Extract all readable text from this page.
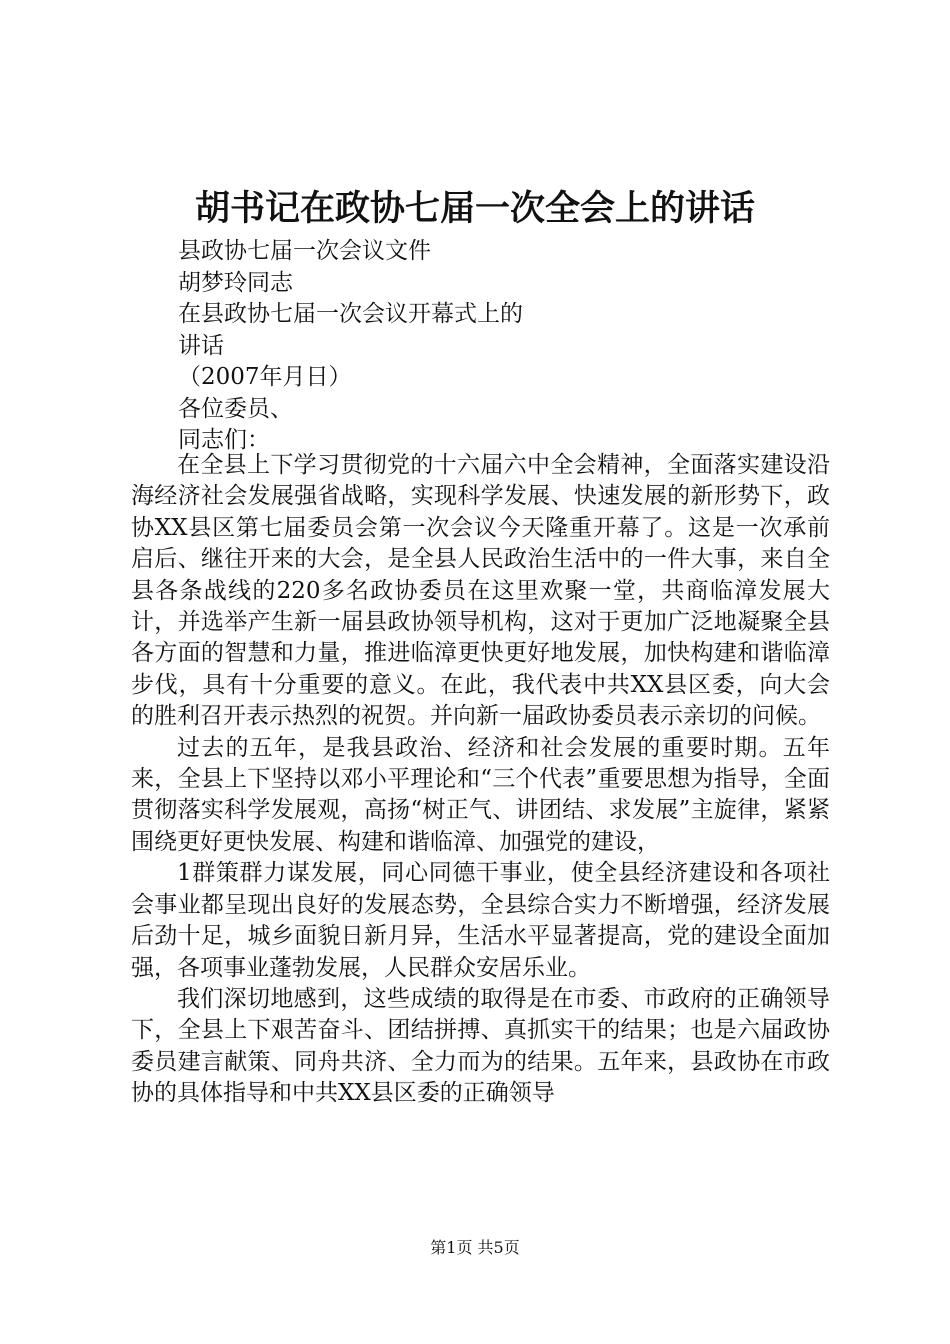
胡书记在政协七届一次全会上的讲话
县政协七届一次会议文件
胡梦玲同志
在县政协七届一次会议开幕式上的
讲话
（2007年月日）
各位委员、
同志们：

在全县上下学习贯彻党的十六届六中全会精神，全面落实建设沿海经济社会发展强省战略，实现科学发展、快速发展的新形势下，政协XX县区第七届委员会第一次会议今天隆重开幕了。这是一次承前启后、继往开来的大会，是全县人民政治生活中的一件大事，来自全县各条战线的220多名政协委员在这里欢聚一堂，共商临漳发展大计，并选举产生新一届县政协领导机构，这对于更加广泛地凝聚全县各方面的智慧和力量，推进临漳更快更好地发展，加快构建和谐临漳步伐，具有十分重要的意义。在此，我代表中共XX县区委，向大会的胜利召开表示热烈的祝贺。并向新一届政协委员表示亲切的问候。

过去的五年，是我县政治、经济和社会发展的重要时期。五年来，全县上下坚持以邓小平理论和“三个代表”重要思想为指导，全面贯彻落实科学发展观，高扬“树正气、讲团结、求发展”主旋律，紧紧围绕更好更快发展、构建和谐临漳、加强党的建设，

1群策群力谋发展，同心同德干事业，使全县经济建设和各项社会事业都呈现出良好的发展态势，全县综合实力不断增强，经济发展后劲十足，城乡面貌日新月异，生活水平显著提高，党的建设全面加强，各项事业蓬勃发展，人民群众安居乐业。

我们深切地感到，这些成绩的取得是在市委、市政府的正确领导下，全县上下艰苦奋斗、团结拼搏、真抓实干的结果；也是六届政协委员建言献策、同舟共济、全力而为的结果。五年来，县政协在市政协的具体指导和中共XX县区委的正确领导

第1页 共5页
